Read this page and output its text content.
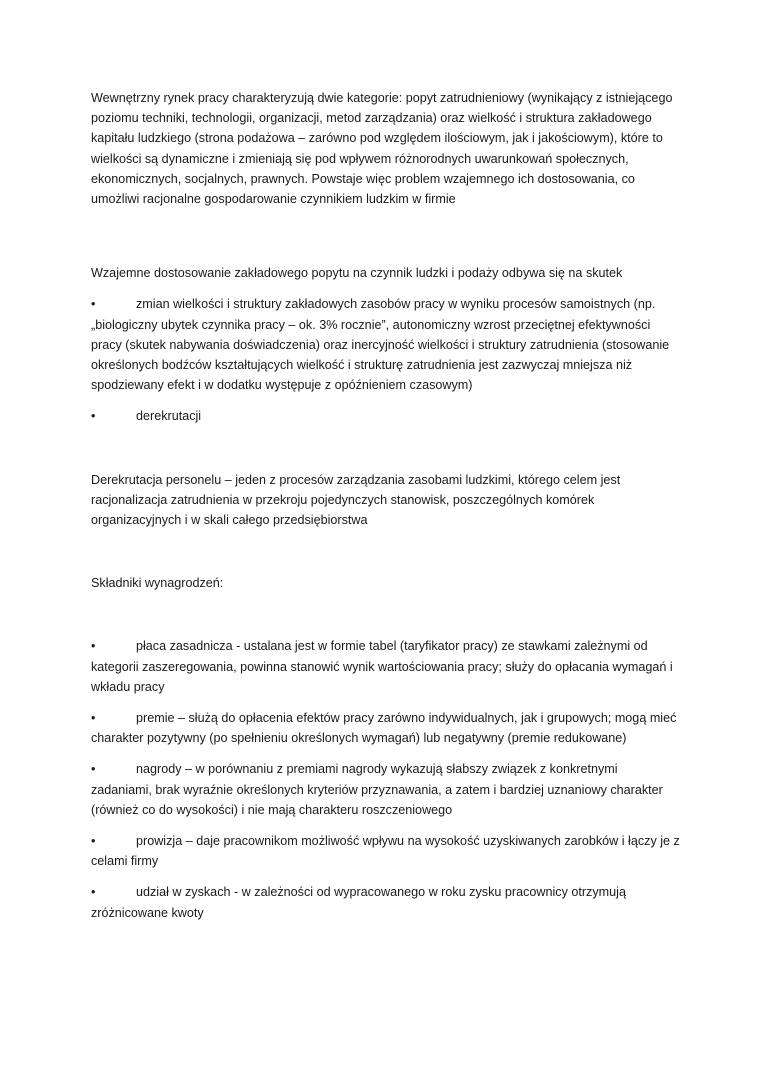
Wewnętrzny rynek pracy charakteryzują dwie kategorie: popyt zatrudnieniowy (wynikający z istniejącego poziomu techniki, technologii, organizacji, metod zarządzania) oraz wielkość i struktura zakładowego kapitału ludzkiego (strona podażowa – zarówno pod względem ilościowym, jak i jakościowym), które to wielkości są dynamiczne i zmieniają się pod wpływem różnorodnych uwarunkowań społecznych, ekonomicznych, socjalnych, prawnych. Powstaje więc problem wzajemnego ich dostosowania, co umożliwi racjonalne gospodarowanie czynnikiem ludzkim w firmie

Wzajemne dostosowanie zakładowego popytu na czynnik ludzki i podaży odbywa się na skutek

•	zmian wielkości i struktury zakładowych zasobów pracy w wyniku procesów samoistnych (np. „biologiczny ubytek czynnika pracy – ok. 3% rocznie”, autonomiczny wzrost przeciętnej efektywności pracy (skutek nabywania doświadczenia) oraz inercyjność wielkości i struktury zatrudnienia (stosowanie określonych bodźców kształtujących wielkość i strukturę zatrudnienia jest zazwyczaj mniejsza niż spodziewany efekt i w dodatku występuje z opóźnieniem czasowym)

•	derekrutacji

Derekrutacja personelu – jeden z procesów zarządzania zasobami ludzkimi, którego celem jest racjonalizacja zatrudnienia w przekroju pojedynczych stanowisk, poszczególnych komórek organizacyjnych i w skali całego przedsiębiorstwa

Składniki wynagrodzeń:

•	płaca zasadnicza - ustalana jest w formie tabel (taryfikator pracy) ze stawkami zależnymi od kategorii zaszeregowania, powinna stanowić wynik wartościowania pracy; służy do opłacania wymagań i wkładu pracy

•	premie – służą do opłacenia efektów pracy zarówno indywidualnych, jak i grupowych; mogą mieć charakter pozytywny (po spełnieniu określonych wymagań) lub negatywny (premie redukowane)

•	nagrody – w porównaniu z premiami nagrody wykazują słabszy związek z konkretnymi zadaniami, brak wyraźnie określonych kryteriów przyznawania, a zatem i bardziej uznaniowy charakter (również co do wysokości) i nie mają charakteru roszczeniowego

•	prowizja – daje pracownikom możliwość wpływu na wysokość uzyskiwanych zarobków i łączy je z celami firmy

•	udział w zyskach - w zależności od wypracowanego w roku zysku pracownicy otrzymują zróżnicowane kwoty
